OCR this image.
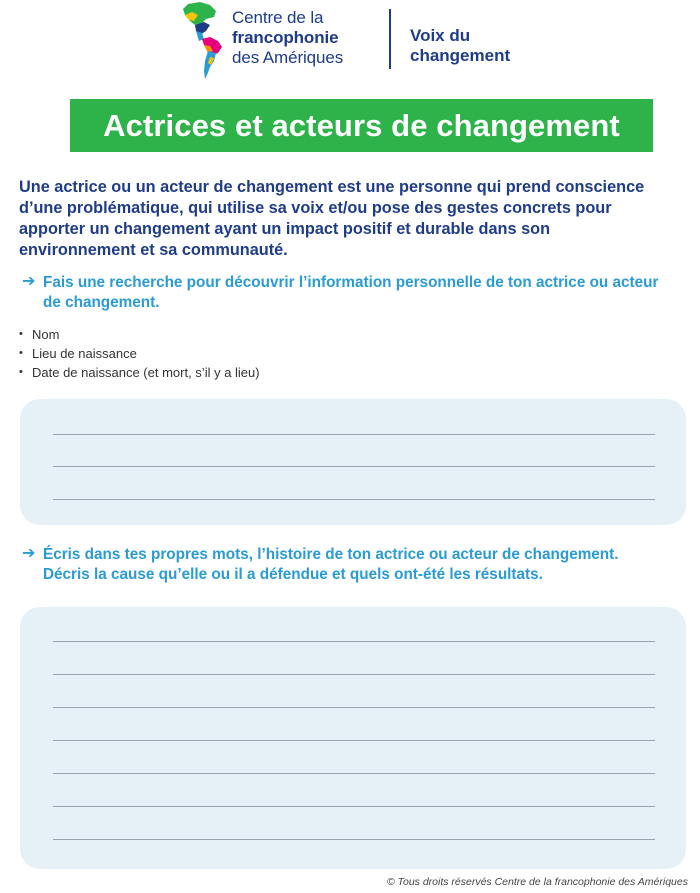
Centre de la
francophonie
des Amériques
Voix du
changement
Actrices et acteurs de changement

Une actrice ou un acteur de changement est une personne qui prend conscience d’une problématique, qui utilise sa voix et/ou pose des gestes concrets pour apporter un changement ayant un impact positif et durable dans son environnement et sa communauté.

➔ Fais une recherche pour découvrir l’information personnelle de ton actrice ou acteur de changement.
• Nom
• Lieu de naissance
• Date de naissance (et mort, s’il y a lieu)
➔ Écris dans tes propres mots, l’histoire de ton actrice ou acteur de changement. Décris la cause qu’elle ou il a défendue et quels ont-été les résultats.
© Tous droits réservés Centre de la francophonie des Amériques
